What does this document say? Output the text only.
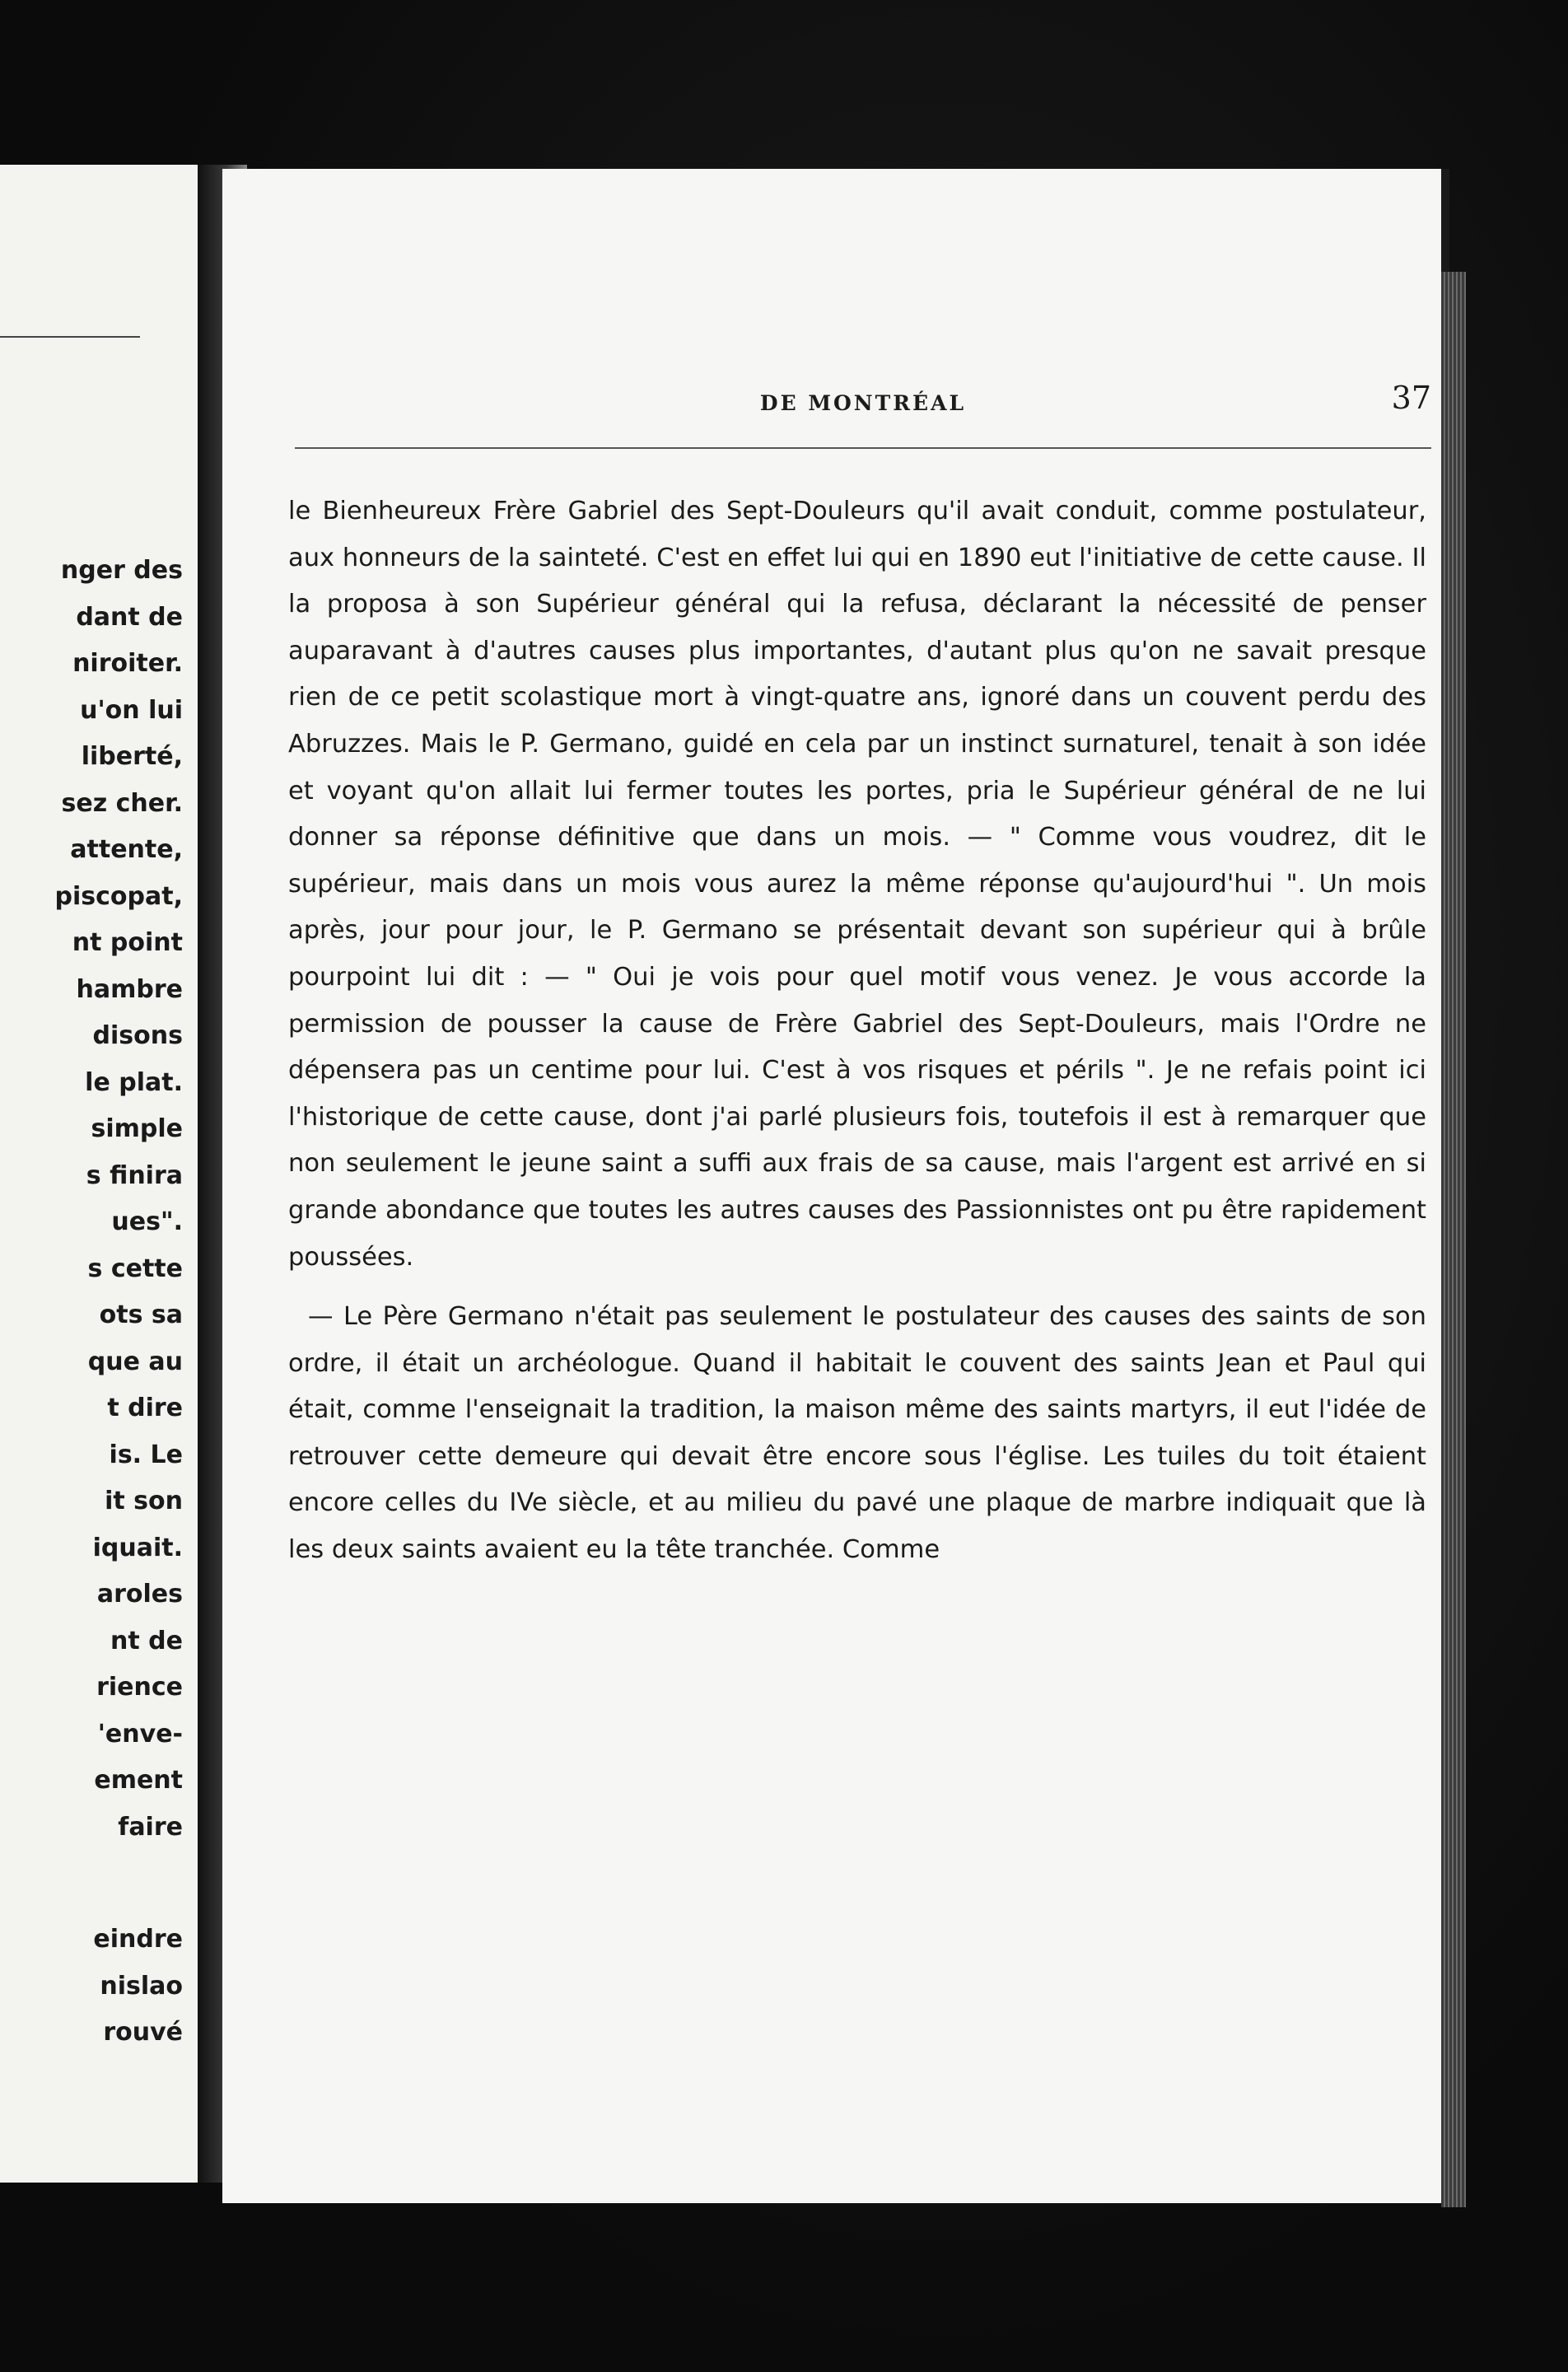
nger des
dant de
niroiter.
u'on lui
liberté,
sez cher.
attente,
piscopat,
nt point
hambre
disons
le plat.
simple
s finira
ues".
s cette
ots sa
que au
t dire
is. Le
it son
iquait.
aroles
nt de
rience
'enve-
ement
faire
eindre
nislao
rouvé
DE MONTRÉAL	37

le Bienheureux Frère Gabriel des Sept-Douleurs qu'il avait conduit, comme postulateur, aux honneurs de la sainteté. C'est en effet lui qui en 1890 eut l'initiative de cette cause. Il la proposa à son Supérieur général qui la refusa, déclarant la nécessité de penser auparavant à d'autres causes plus importantes, d'autant plus qu'on ne savait presque rien de ce petit scolastique mort à vingt-quatre ans, ignoré dans un couvent perdu des Abruzzes. Mais le P. Germano, guidé en cela par un instinct surnaturel, tenait à son idée et voyant qu'on allait lui fermer toutes les portes, pria le Supérieur général de ne lui donner sa réponse définitive que dans un mois. — " Comme vous voudrez, dit le supérieur, mais dans un mois vous aurez la même réponse qu'aujourd'hui ". Un mois après, jour pour jour, le P. Germano se présentait devant son supérieur qui à brûle pourpoint lui dit : — " Oui je vois pour quel motif vous venez. Je vous accorde la permission de pousser la cause de Frère Gabriel des Sept-Douleurs, mais l'Ordre ne dépensera pas un centime pour lui. C'est à vos risques et périls ". Je ne refais point ici l'historique de cette cause, dont j'ai parlé plusieurs fois, toutefois il est à remarquer que non seulement le jeune saint a suffi aux frais de sa cause, mais l'argent est arrivé en si grande abondance que toutes les autres causes des Passionnistes ont pu être rapidement poussées.

— Le Père Germano n'était pas seulement le postulateur des causes des saints de son ordre, il était un archéologue. Quand il habitait le couvent des saints Jean et Paul qui était, comme l'enseignait la tradition, la maison même des saints martyrs, il eut l'idée de retrouver cette demeure qui devait être encore sous l'église. Les tuiles du toit étaient encore celles du IVe siècle, et au milieu du pavé une plaque de marbre indiquait que là les deux saints avaient eu la tête tranchée. Comme
